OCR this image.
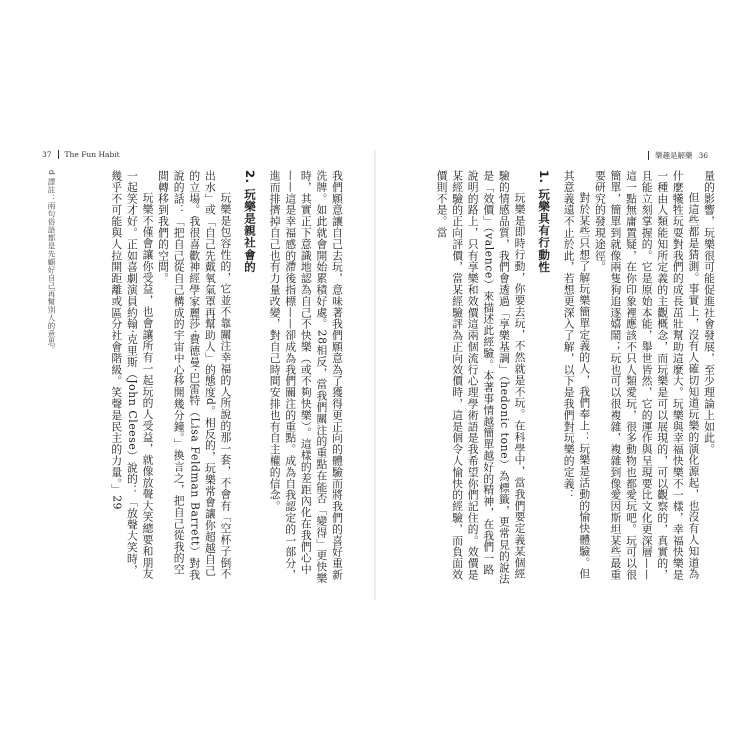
37 The Fun Habit	樂趣是解藥 36

量的影響，玩樂很可能促進社會發展，至少理論上如此。

但這些都是猜測。事實上，沒有人確切知道玩樂的演化源起，也沒有人知道為什麼犧牲玩耍對我們的成長茁壯幫助這麼大。玩樂與幸福快樂不一樣，幸福快樂是一種由人類能知所定義的主觀概念，而玩樂是可以展現的，可以觀察的，真實的，且能立刻掌握的。它是原始本能，舉世皆然，它的運作與呈現要比文化更深層——這一點無庸置疑，在你印象裡應該不只人類愛玩，很多動物也都愛玩吧。玩可以很簡單，簡單到就像兩隻狗追逐嬉鬧；玩也可以很複雜，複雜到像愛因斯坦某些最重要研究的發現途徑。

對於某些只想了解玩樂簡單定義的人，我們奉上：玩樂是活動的愉快體驗。但其意義遠不止於此，若想更深入了解，以下是我們對玩樂的定義：

1. 玩樂具有行動性

玩樂是即時行動，你要去玩，不然就是不玩。在科學中，當我們要定義某個經驗的情感品質，我們會透過「享樂基調」（hedonic tone）為標籤，更常見的說法是「效價」（valence）來描述此經驗。本著事情越簡單越好的精神，在我們一路說明的路上，只有享樂和效價這兩個流行心理學術語是我希望你們記住的。效價是某經驗的正向評價，當某經驗評為正向效價時，這是個令人愉快的經驗，而負面效價則不是。當

我們願意讓自己去玩，意味著我們願意為了獲得更正向的體驗而將我們的喜好重新洗牌。如此就會開始累積好處。28相反，當我們關注的重點在能否「變得」更快樂時，其實正下意識地認為自己不快樂（或不夠快樂）。這樣的差距內化在我們心中——這是幸福感的滯後指標——卻成為我們關注的重點。成為自我認定的一部分，進而排擠掉自己也有力量改變，對自己時間安排也有自主權的信念。

2. 玩樂是親社會的

玩樂是包容性的，它並不靠關注幸福的人所說的那一套，不會有「空杯子倒不出水」或「自己先戴氧氣罩再幫助人」的態度d。相反的，玩樂常會讓你超越自己的立場。我很喜歡神經學家麗莎‧費德曼‧巴雷特（Lisa Feldman Barrett）對我說的話：「把自己從自己構成的宇宙中心移開幾分鐘。」換言之，把自己從我的空間轉移到我們的空間。

玩樂不僅會讓你受益，也會讓所有一起玩的人受益，就像放聲大笑總要和朋友一起笑才好。正如喜劇演員約翰‧克里斯（John Cleese）說的：「放聲大笑時，幾乎不可能與人拉開距離或區分社會階級。笑聲是民主的力量。」29

d 譯註：兩句俗語都是先顧好自己再幫別人的意思。
